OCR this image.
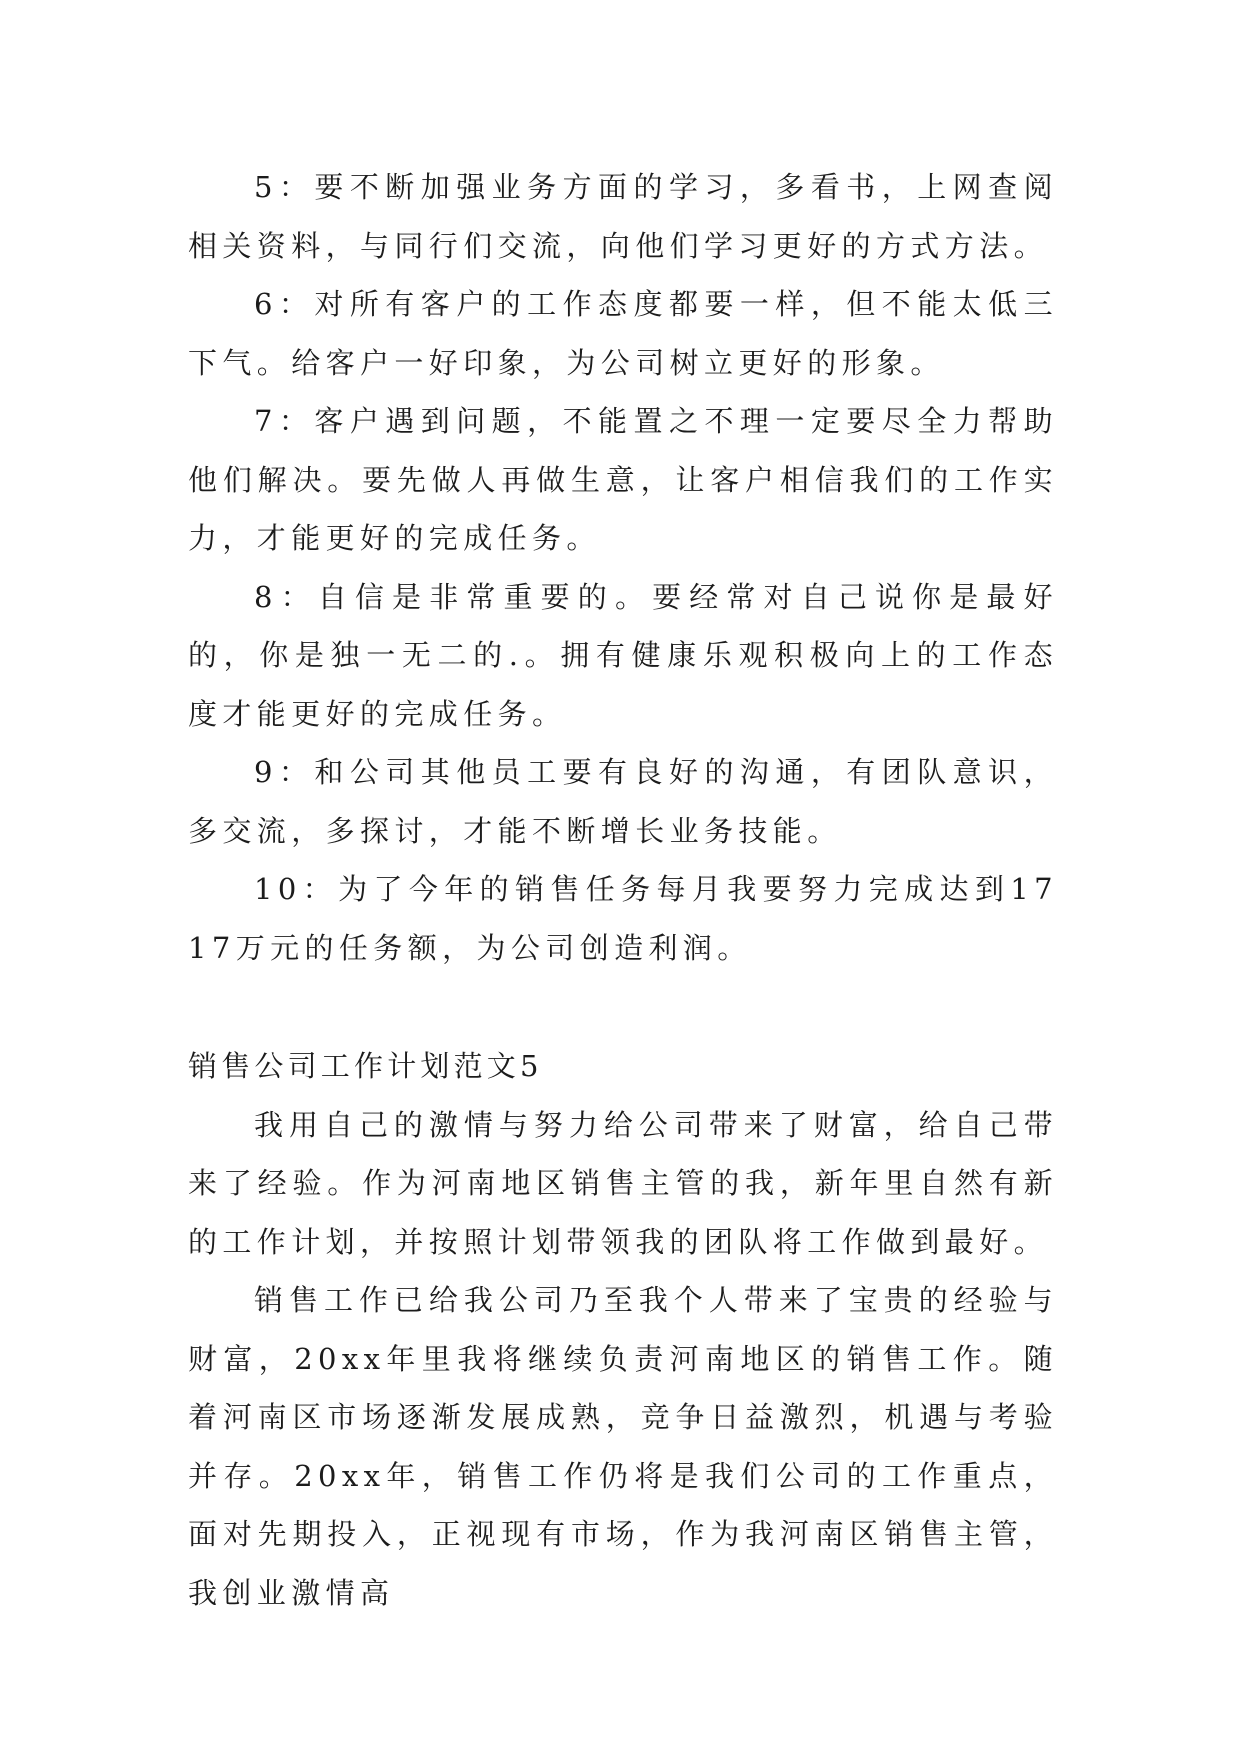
5：要不断加强业务方面的学习，多看书，上网查阅相关资料，与同行们交流，向他们学习更好的方式方法。

6：对所有客户的工作态度都要一样，但不能太低三下气。给客户一好印象，为公司树立更好的形象。

7：客户遇到问题，不能置之不理一定要尽全力帮助他们解决。要先做人再做生意，让客户相信我们的工作实力，才能更好的完成任务。

8：自信是非常重要的。要经常对自己说你是最好的，你是独一无二的.。拥有健康乐观积极向上的工作态度才能更好的完成任务。

9：和公司其他员工要有良好的沟通，有团队意识，多交流，多探讨，才能不断增长业务技能。

10：为了今年的销售任务每月我要努力完成达到1717万元的任务额，为公司创造利润。

销售公司工作计划范文5

我用自己的激情与努力给公司带来了财富，给自己带来了经验。作为河南地区销售主管的我，新年里自然有新的工作计划，并按照计划带领我的团队将工作做到最好。

销售工作已给我公司乃至我个人带来了宝贵的经验与财富，20xx年里我将继续负责河南地区的销售工作。随着河南区市场逐渐发展成熟，竞争日益激烈，机遇与考验并存。20xx年，销售工作仍将是我们公司的工作重点，面对先期投入，正视现有市场，作为我河南区销售主管，我创业激情高
